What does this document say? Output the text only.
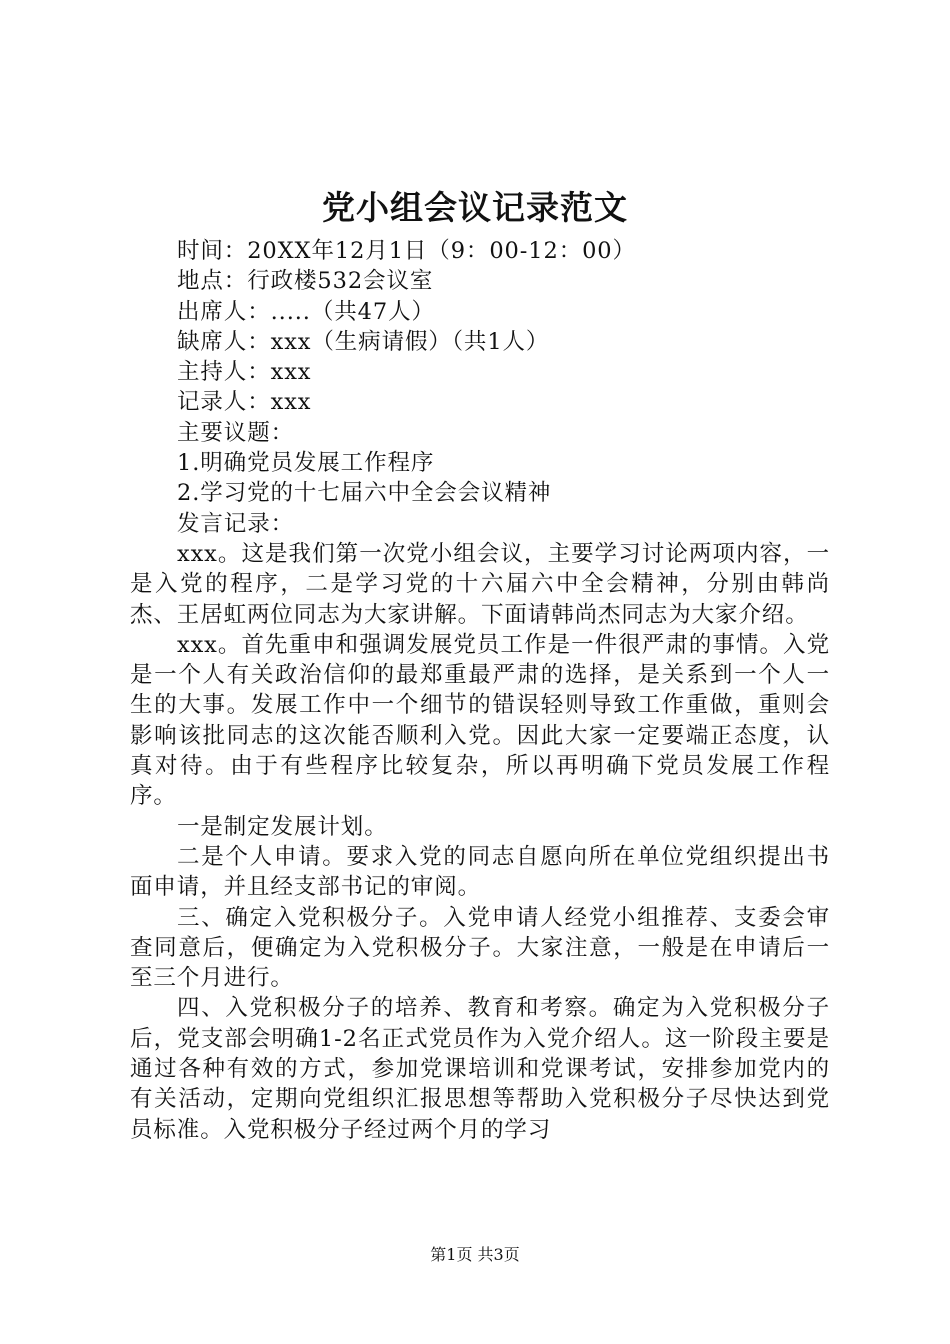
党小组会议记录范文

时间：20XX年12月1日（9：00-12：00）

地点：行政楼532会议室

出席人：.....（共47人）

缺席人：xxx（生病请假）（共1人）

主持人：xxx

记录人：xxx

主要议题：

1.明确党员发展工作程序

2.学习党的十七届六中全会会议精神

发言记录：

xxx。这是我们第一次党小组会议，主要学习讨论两项内容，一是入党的程序，二是学习党的十六届六中全会精神，分别由韩尚杰、王居虹两位同志为大家讲解。下面请韩尚杰同志为大家介绍。

xxx。首先重申和强调发展党员工作是一件很严肃的事情。入党是一个人有关政治信仰的最郑重最严肃的选择，是关系到一个人一生的大事。发展工作中一个细节的错误轻则导致工作重做，重则会影响该批同志的这次能否顺利入党。因此大家一定要端正态度，认真对待。由于有些程序比较复杂，所以再明确下党员发展工作程序。

一是制定发展计划。

二是个人申请。要求入党的同志自愿向所在单位党组织提出书面申请，并且经支部书记的审阅。

三、确定入党积极分子。入党申请人经党小组推荐、支委会审查同意后，便确定为入党积极分子。大家注意，一般是在申请后一至三个月进行。

四、入党积极分子的培养、教育和考察。确定为入党积极分子后，党支部会明确1-2名正式党员作为入党介绍人。这一阶段主要是通过各种有效的方式，参加党课培训和党课考试，安排参加党内的有关活动，定期向党组织汇报思想等帮助入党积极分子尽快达到党员标准。入党积极分子经过两个月的学习

第1页 共3页
